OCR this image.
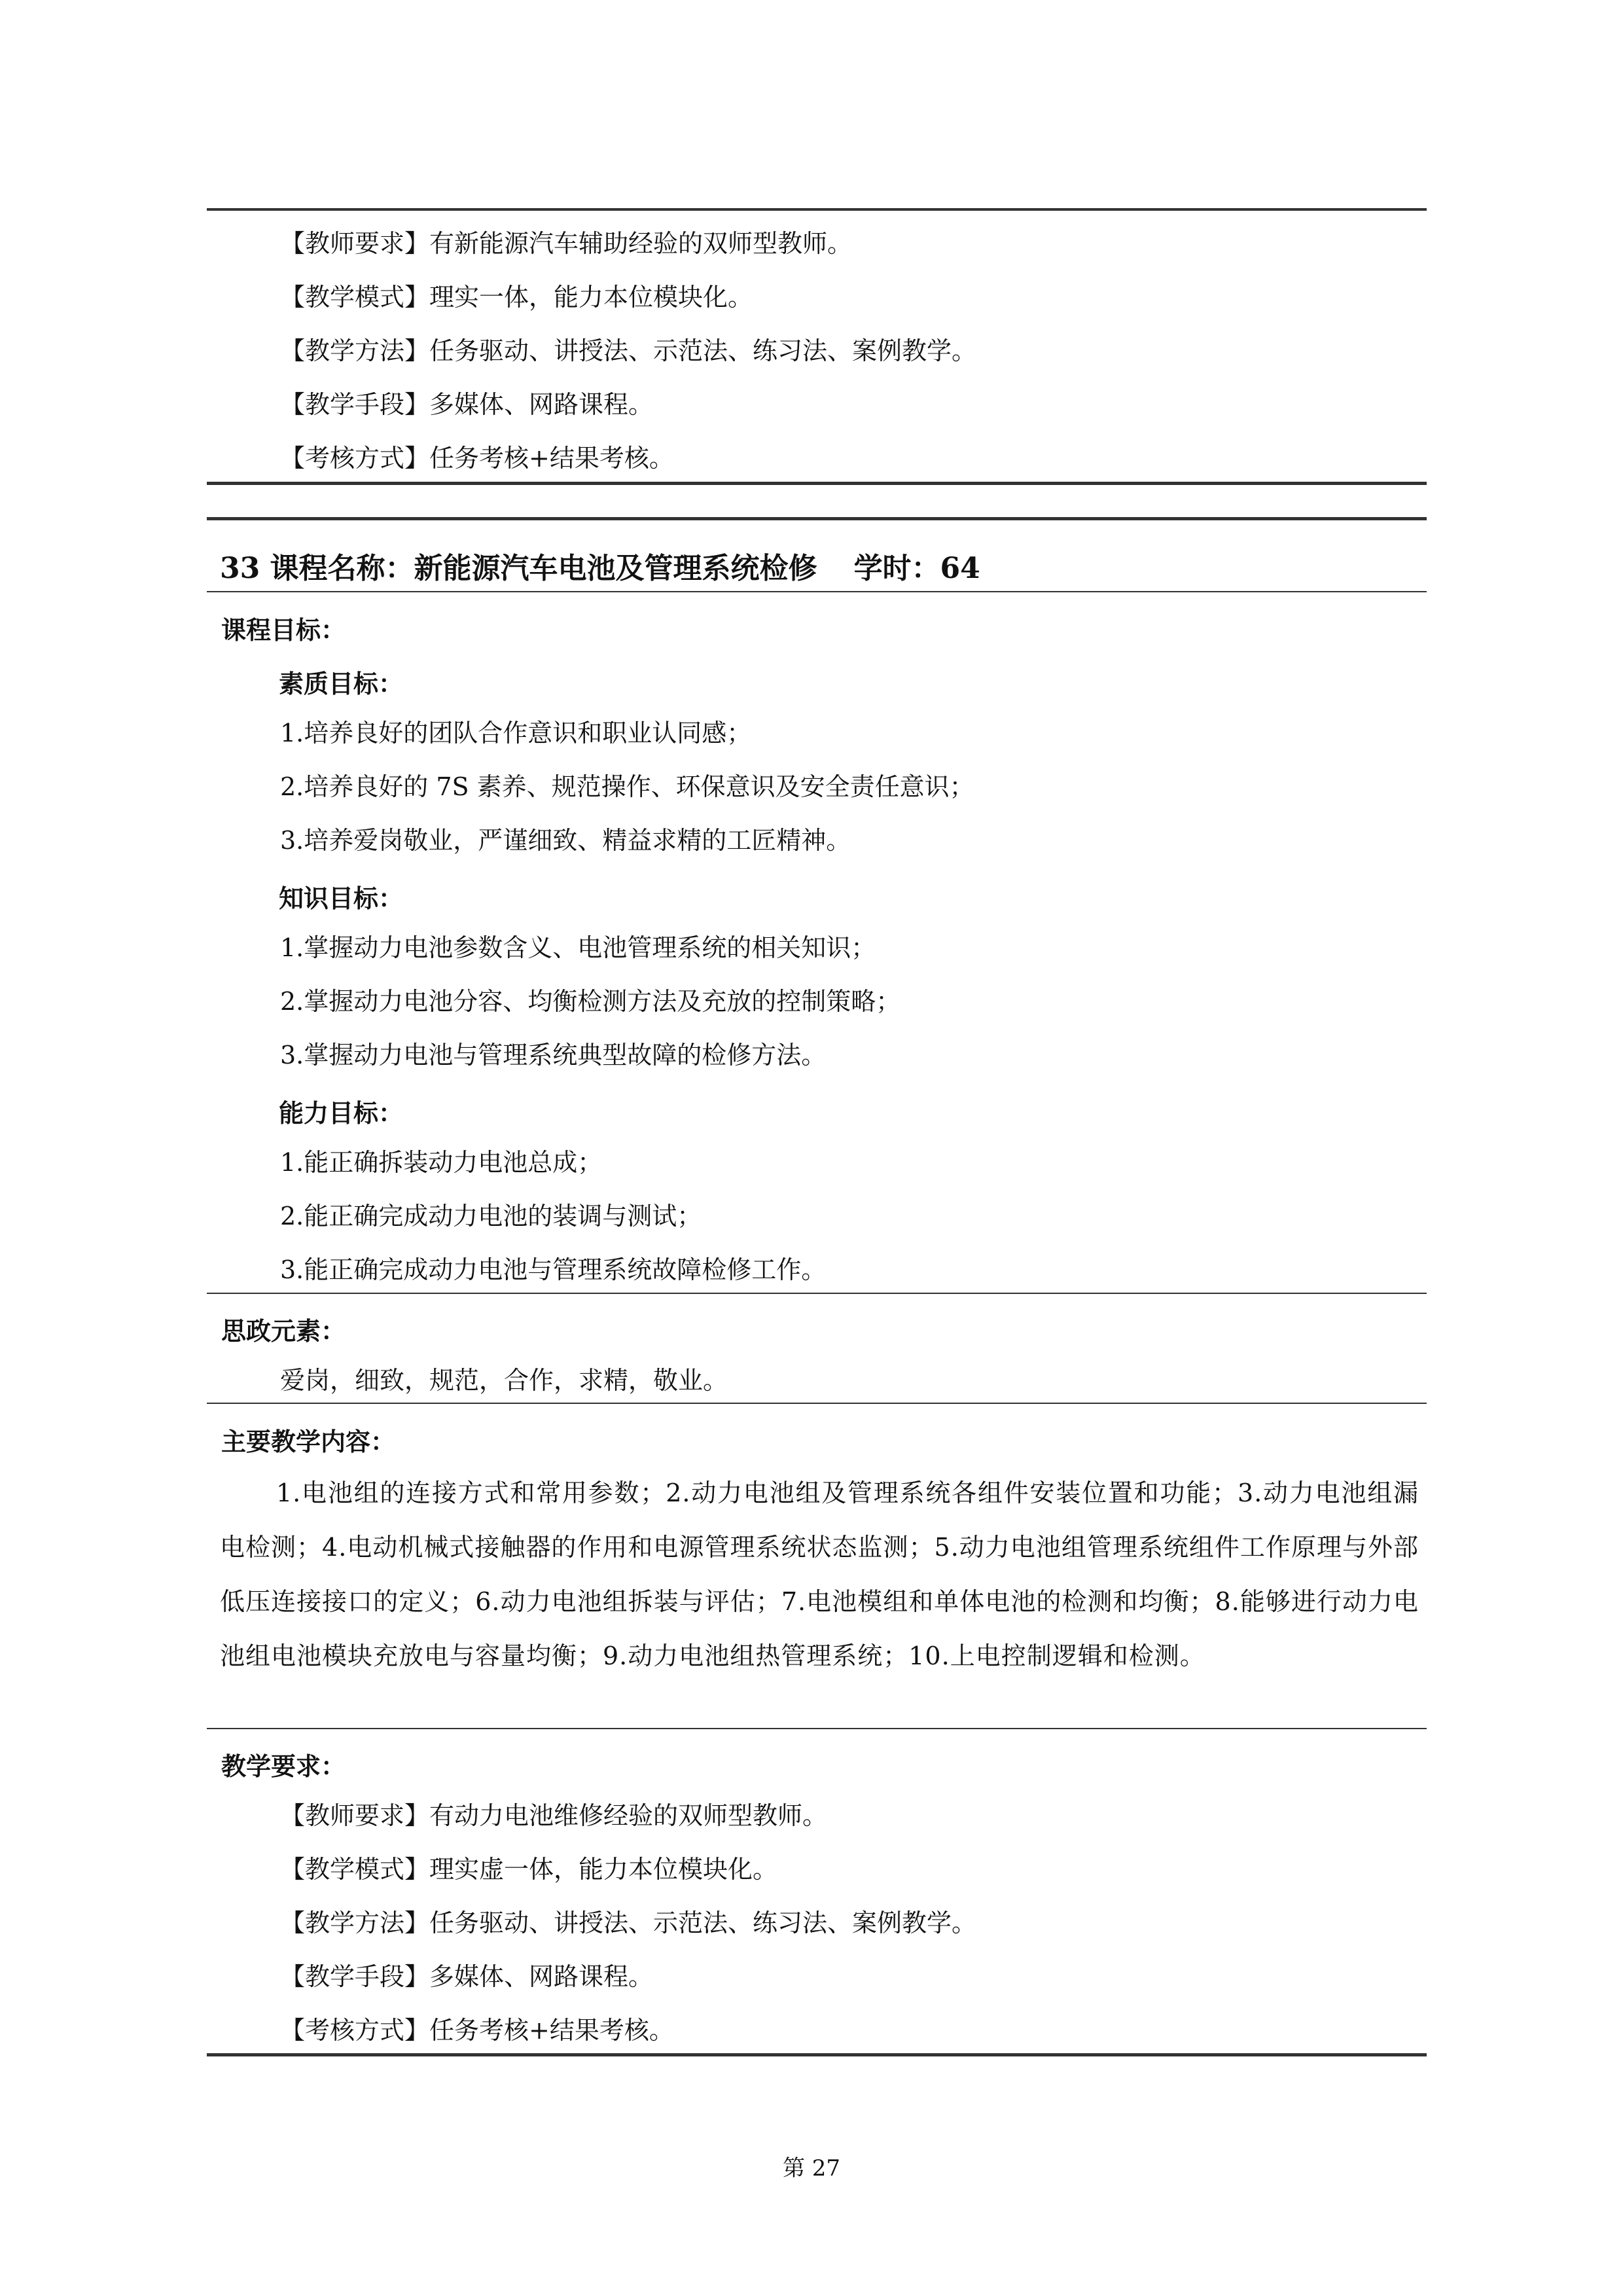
【教师要求】有新能源汽车辅助经验的双师型教师。
【教学模式】理实一体，能力本位模块化。
【教学方法】任务驱动、讲授法、示范法、练习法、案例教学。
【教学手段】多媒体、网路课程。
【考核方式】任务考核+结果考核。
33 课程名称：新能源汽车电池及管理系统检修 学时：64
课程目标：
素质目标：
1.培养良好的团队合作意识和职业认同感；
2.培养良好的 7S 素养、规范操作、环保意识及安全责任意识；
3.培养爱岗敬业，严谨细致、精益求精的工匠精神。
知识目标：
1.掌握动力电池参数含义、电池管理系统的相关知识；
2.掌握动力电池分容、均衡检测方法及充放的控制策略；
3.掌握动力电池与管理系统典型故障的检修方法。
能力目标：
1.能正确拆装动力电池总成；
2.能正确完成动力电池的装调与测试；
3.能正确完成动力电池与管理系统故障检修工作。
思政元素：
爱岗，细致，规范，合作，求精，敬业。
主要教学内容：
1.电池组的连接方式和常用参数；2.动力电池组及管理系统各组件安装位置和功能；3.动力电池组漏电检测；4.电动机械式接触器的作用和电源管理系统状态监测；5.动力电池组管理系统组件工作原理与外部低压连接接口的定义；6.动力电池组拆装与评估；7.电池模组和单体电池的检测和均衡；8.能够进行动力电池组电池模块充放电与容量均衡；9.动力电池组热管理系统；10.上电控制逻辑和检测。
教学要求：
【教师要求】有动力电池维修经验的双师型教师。
【教学模式】理实虚一体，能力本位模块化。
【教学方法】任务驱动、讲授法、示范法、练习法、案例教学。
【教学手段】多媒体、网路课程。
【考核方式】任务考核+结果考核。
第 27
